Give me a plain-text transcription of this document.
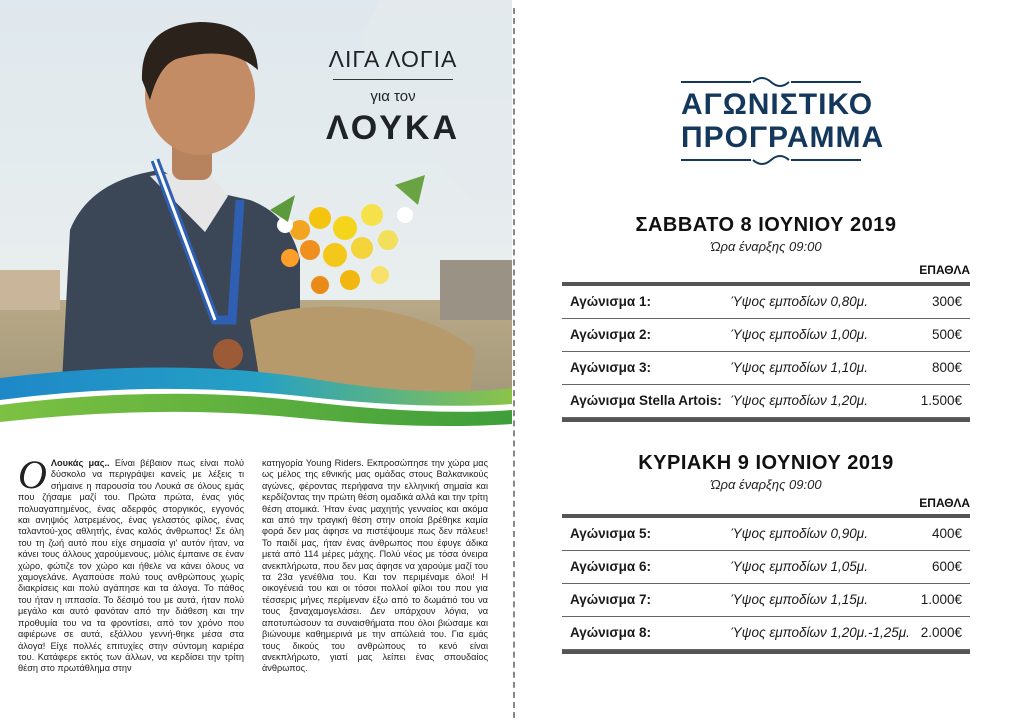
ΛΙΓΑ ΛΟΓΙΑ
για τον
ΛΟΥΚΑ
Ο Λουκάς μας.. Είναι βέβαιον πως είναι πολύ δύσκολο να περιγράψει κανείς με λέξεις τι σήμαινε η παρουσία του Λουκά σε όλους εμάς που ζήσαμε μαζί του. Πρώτα πρώτα, ένας γιός πολυαγαπημένος, ένας αδερφός στοργικός, εγγονός και ανηψιός λατρεμένος, ένας γελαστός φίλος, ένας ταλαντού-χος αθλητής, ένας καλός άνθρωπος! Σε όλη του τη ζωή αυτό που είχε σημασία γι' αυτόν ήταν, να κάνει τους άλλους χαρούμενους, μόλις έμπαινε σε έναν χώρο, φώτιζε τον χώρο και ήθελε να κάνει όλους να χαμογελάνε. Αγαπούσε πολύ τους ανθρώπους χωρίς διακρίσεις και πολύ αγάπησε και τα άλογα. Το πάθος του ήταν η ιππασία. Το δέσιμό του με αυτά, ήταν πολύ μεγάλο και αυτό φανόταν από την διάθεση και την προθυμία του να τα φροντίσει, από τον χρόνο που αφιέρωνε σε αυτά, εξάλλου γεννή-θηκε μέσα στα άλογα! Είχε πολλές επιτυχίες στην σύντομη καριέρα του. Κατάφερε εκτός των άλλων, να κερδίσει την τρίτη θέση στο πρωτάθλημα στην
κατηγορία Young Riders. Εκπροσώπησε την χώρα μας ως μέλος της εθνικής μας ομάδας στους Βαλκανικούς αγώνες, φέροντας περήφανα την ελληνική σημαία και κερδίζοντας την πρώτη θέση ομαδικά αλλά και την τρίτη θέση ατομικά. Ήταν ένας μαχητής γενναίος και ακόμα και από την τραγική θέση στην οποία βρέθηκε καμία φορά δεν μας άφησε να πιστέψουμε πως δεν πάλευε! Το παιδί μας, ήταν ένας άνθρωπος που έφυγε άδικα μετά από 114 μέρες μάχης. Πολύ νέος με τόσα όνειρα ανεκπλήρωτα, που δεν μας άφησε να χαρούμε μαζί του τα 23α γενέθλια του. Και τον περιμέναμε όλοι! Η οικογένειά του και οι τόσοι πολλοί φίλοι του που για τέσσερις μήνες περίμεναν έξω από το δωμάτιό του να τους ξαναχαμογελάσει. Δεν υπάρχουν λόγια, να αποτυπώσουν τα συναισθήματα που όλοι βιώσαμε και βιώνουμε καθημερινά με την απώλειά του. Για εμάς τους δικούς του ανθρώπους το κενό είναι ανεκπλήρωτο, γιατί μας λείπει ένας σπουδαίος άνθρωπος.
ΑΓΩΝΙΣΤΙΚΟ
ΠΡΟΓΡΑΜΜΑ
ΣΑΒΒΑΤΟ 8 ΙΟΥΝΙΟΥ 2019
Ώρα έναρξης 09:00
ΕΠΑΘΛΑ
Αγώνισμα 1:	Ύψος εμποδίων 0,80μ.	300€
Αγώνισμα 2:	Ύψος εμποδίων 1,00μ.	500€
Αγώνισμα 3:	Ύψος εμποδίων 1,10μ.	800€
Αγώνισμα Stella Artois: Ύψος εμποδίων 1,20μ.	1.500€
ΚΥΡΙΑΚΗ 9 ΙΟΥΝΙΟΥ 2019
Ώρα έναρξης 09:00
ΕΠΑΘΛΑ
Αγώνισμα 5:	Ύψος εμποδίων 0,90μ.	400€
Αγώνισμα 6:	Ύψος εμποδίων 1,05μ.	600€
Αγώνισμα 7:	Ύψος εμποδίων 1,15μ.	1.000€
Αγώνισμα 8:	Ύψος εμποδίων 1,20μ.-1,25μ. 2.000€
